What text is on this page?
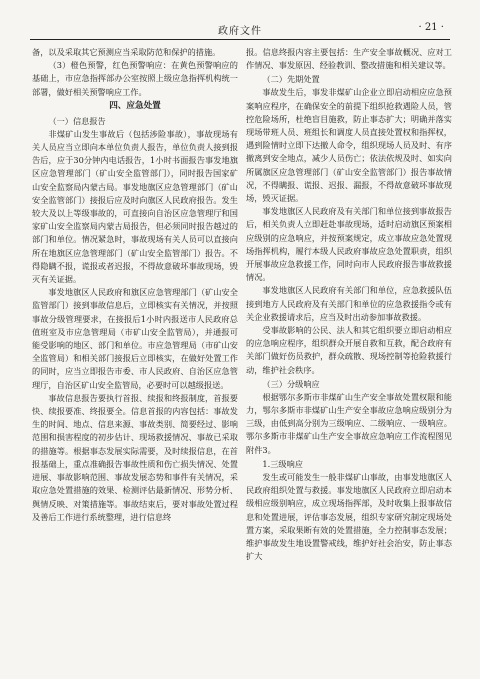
政府文件	· 21 ·

备，以及采取其它预测应当采取防范和保护的措施。

（3）橙色预警，红色预警响应：在黄色预警响应的基础上，市应急指挥部办公室按照上级应急指挥机构统一部署，做好相关预警响应工作。

四、应急处置
（一）信息报告

非煤矿山发生事故后（包括涉险事故），事故现场有关人员应当立即向本单位负责人报告，单位负责人接到报告后，应于30分钟内电话报告，1小时书面报告事发地旗区应急管理部门（矿山安全监管部门），同时报告国家矿山安全监察局内蒙古局。事发地旗区应急管理部门（矿山安全监管部门）接报后应及时向旗区人民政府报告。发生较大及以上等级事故的，可直接向自治区应急管理厅和国家矿山安全监察局内蒙古局报告，但必须同时报告越过的部门和单位。情况紧急时，事故现场有关人员可以直接向所在地旗区应急管理部门（矿山安全监管部门）报告。不得隐瞒不报，谎报或者迟报，不得故意破坏事故现场，毁灭有关证据。

事发地旗区人民政府和旗区应急管理部门（矿山安全监管部门）接到事故信息后，立即核实有关情况，并按照事故分级管理要求，在接报后1小时内报送市人民政府总值班室及市应急管理局（市矿山安全监管局），并通报可能受影响的地区、部门和单位。市应急管理局（市矿山安全监管局）和相关部门接报后立即核实，在做好处置工作的同时，应当立即报告市委、市人民政府、自治区应急管理厅，自治区矿山安全监管局，必要时可以越级报送。

事故信息报告要执行首报、续报和终报制度，首报要快、续报要准、终报要全。信息首报的内容包括：事故发生的时间、地点、信息来源、事故类别、简要经过、影响范围和损害程度的初步估计、现场救援情况、事故已采取的措施等。根据事态发展实际需要，及时续报信息，在首报基础上，重点准确报告事故性质和伤亡损失情况、处置进展、事故影响范围、事故发展态势和事件有关情况，采取应急处置措施的效果、检测评估最新情况、形势分析、舆情反映、对策措施等。事故结束后，要对事故处置过程及善后工作进行系统整理，进行信息终

报。信息终报内容主要包括：生产安全事故概况、应对工作情况、事发原因、经验教训、整改措施和相关建议等。

（二）先期处置

事故发生后，事发非煤矿山企业立即启动相应应急预案响应程序，在确保安全的前提下组织抢救遇险人员，管控危险场所，杜绝盲目施救，防止事态扩大；明确并落实现场带班人员、班组长和调度人员直接处置权和指挥权，遇到险情时立即下达撤人命令，组织现场人员及时、有序撤离到安全地点，减少人员伤亡；依法依规及时、如实向所属旗区应急管理部门（矿山安全监管部门）报告事故情况，不得瞒报、谎报、迟报、漏报，不得故意破坏事故现场，毁灭证据。

事发地旗区人民政府及有关部门和单位接到事故报告后，相关负责人立即赶赴事故现场，适时启动旗区预案相应级别的应急响应，并按预案规定，成立事故应急处置现场指挥机构，履行本级人民政府事故应急处置职责，组织开展事故应急救援工作，同时向市人民政府报告事故救援情况。

事发地旗区人民政府有关部门和单位，应急救援队伍接到地方人民政府及有关部门和单位的应急救援指令或有关企业救援请求后，应当及时出动参加事故救援。

受事故影响的公民、法人和其它组织要立即启动相应的应急响应程序，组织群众开展自救和互救，配合政府有关部门做好伤员救护，群众疏散、现场控制等抢险救援行动，维护社会秩序。

（三）分级响应

根据鄂尔多斯市非煤矿山生产安全事故处置权限和能力，鄂尔多斯市非煤矿山生产安全事故应急响应级别分为三级，由低到高分别为三级响应、二级响应、一级响应。鄂尔多斯市非煤矿山生产安全事故应急响应工作流程图见附件3。

1.三级响应

发生或可能发生一般非煤矿山事故，由事发地旗区人民政府组织处置与救援。事发地旗区人民政府立即启动本级相应级别响应，成立现场指挥部，及时收集上报事故信息和处置进展，评估事态发展，组织专家研究制定现场处置方案，采取果断有效的处置措施，全力控制事态发展；维护事故发生地设置警戒线，维护好社会治安，防止事态扩大
